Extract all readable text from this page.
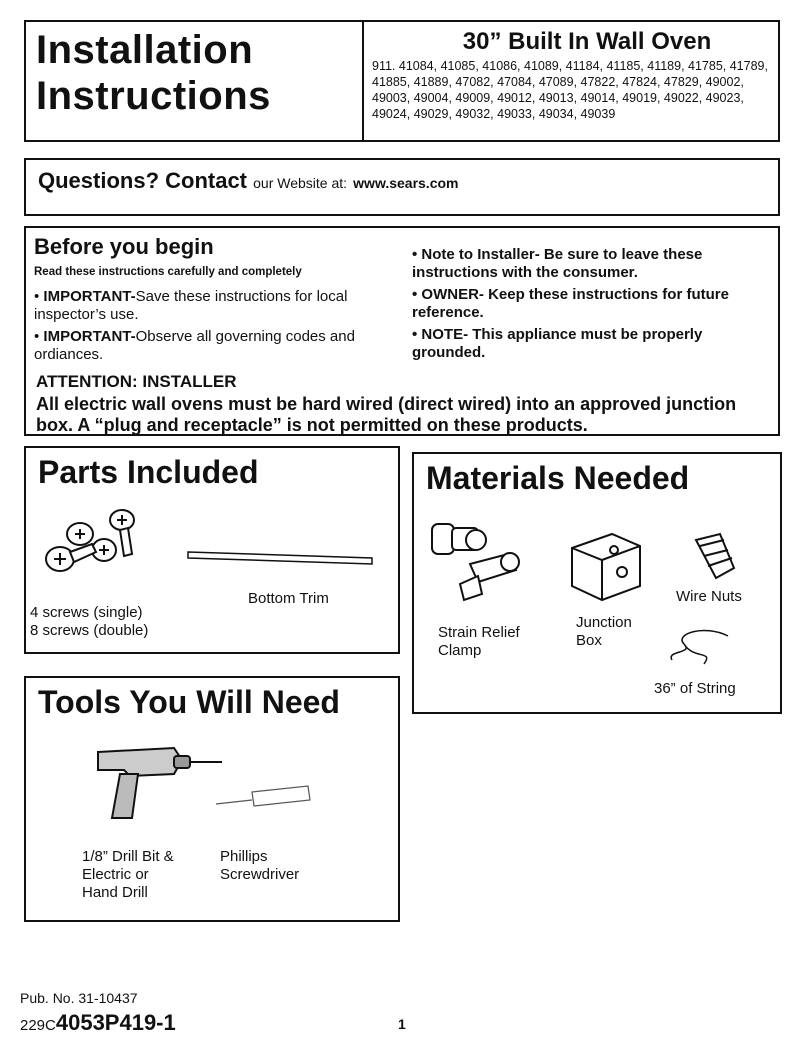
Installation
Instructions
30” Built In Wall Oven
911. 41084, 41085, 41086, 41089, 41184, 41185, 41189, 41785, 41789, 41885, 41889, 47082, 47084, 47089, 47822, 47824, 47829, 49002, 49003, 49004, 49009, 49012, 49013, 49014, 49019, 49022, 49023, 49024, 49029, 49032, 49033, 49034, 49039
Questions? Contact our Website at: www.sears.com
Before you begin
Read these instructions carefully and completely
• IMPORTANT-Save these instructions for local inspector’s use.
• IMPORTANT-Observe all governing codes and ordiances.
• Note to Installer- Be sure to leave these instructions with the consumer.
• OWNER- Keep these instructions for future reference.
• NOTE- This appliance must be properly grounded.
ATTENTION: INSTALLER
All electric wall ovens must be hard wired (direct wired) into an approved junction box. A “plug and receptacle” is not permitted on these products.
Parts Included
Bottom Trim
4 screws (single)
8 screws (double)
Materials Needed
Wire Nuts
Junction
Box
Strain Relief
Clamp
36” of String
Tools You Will Need
1/8” Drill Bit &
Electric or
Hand Drill
Phillips
Screwdriver
Pub. No. 31-10437
229C4053P419-1	1
